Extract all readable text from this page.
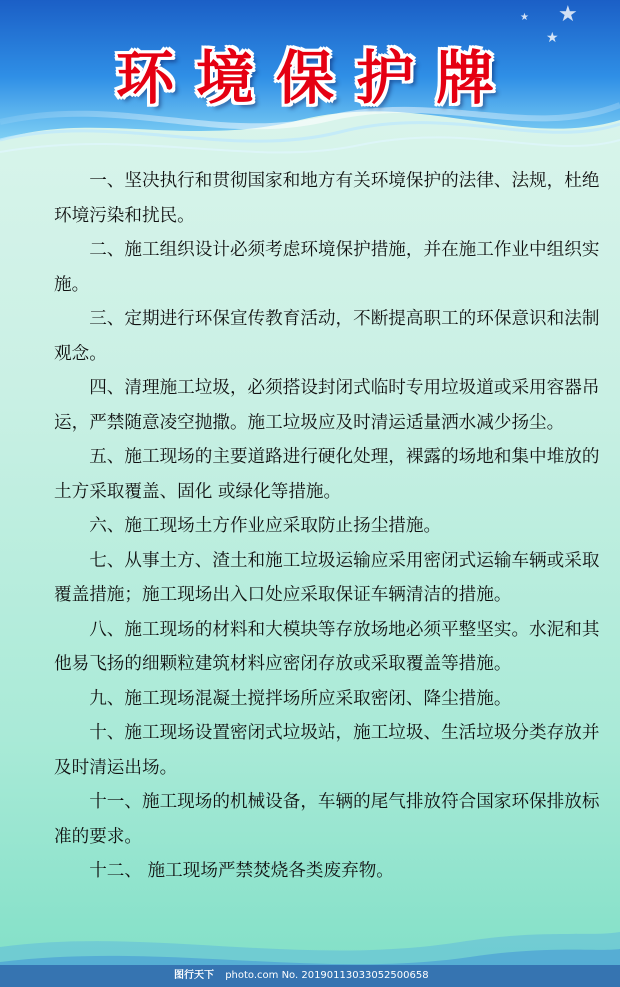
★
★
★
环境保护牌

一、坚决执行和贯彻国家和地方有关环境保护的法律、法规，杜绝环境污染和扰民。

二、施工组织设计必须考虑环境保护措施，并在施工作业中组织实施。

三、定期进行环保宣传教育活动，不断提高职工的环保意识和法制观念。

四、清理施工垃圾，必须搭设封闭式临时专用垃圾道或采用容器吊运，严禁随意凌空抛撒。施工垃圾应及时清运适量洒水减少扬尘。

五、施工现场的主要道路进行硬化处理，裸露的场地和集中堆放的土方采取覆盖、固化 或绿化等措施。

六、施工现场土方作业应采取防止扬尘措施。

七、从事土方、渣土和施工垃圾运输应采用密闭式运输车辆或采取覆盖措施；施工现场出入口处应采取保证车辆清洁的措施。

八、施工现场的材料和大模块等存放场地必须平整坚实。水泥和其他易飞扬的细颗粒建筑材料应密闭存放或采取覆盖等措施。

九、施工现场混凝土搅拌场所应采取密闭、降尘措施。

十、施工现场设置密闭式垃圾站，施工垃圾、生活垃圾分类存放并及时清运出场。

十一、施工现场的机械设备，车辆的尾气排放符合国家环保排放标准的要求。

十二、 施工现场严禁焚烧各类废弃物。

图行天下 photo.com No. 20190113033052500658
